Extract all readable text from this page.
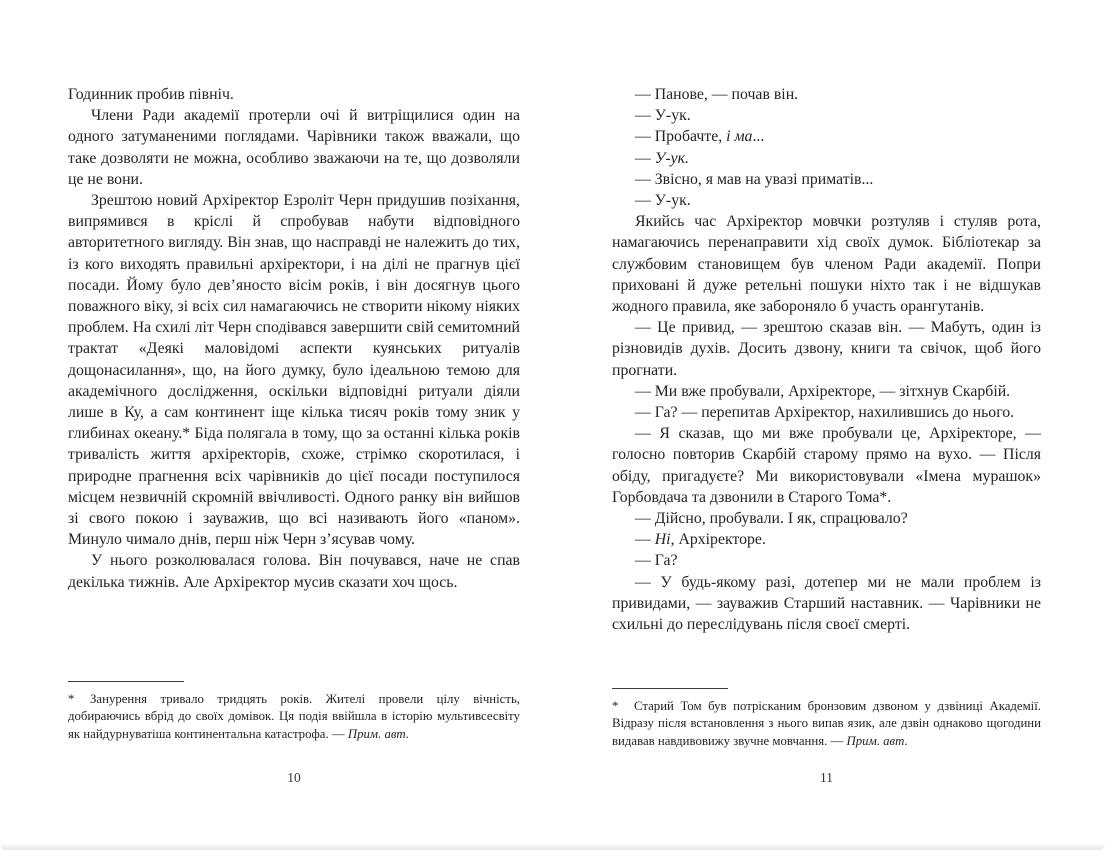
Годинник пробив північ.

Члени Ради академії протерли очі й витріщилися один на одного затуманеними поглядами. Чарівники також вважали, що таке дозволяти не можна, особливо зважаючи на те, що дозволяли це не вони.

Зрештою новий Архіректор Езроліт Черн придушив позіхання, випрямився в кріслі й спробував набути відповідного авторитетного вигляду. Він знав, що насправді не належить до тих, із кого виходять правильні архіректори, і на ділі не прагнув цієї посади. Йому було дев’яносто вісім років, і він досягнув цього поважного віку, зі всіх сил намагаючись не створити нікому ніяких проблем. На схилі літ Черн сподівався завершити свій семитомний трактат «Деякі маловідомі аспекти куянських ритуалів дощонасилання», що, на його думку, було ідеальною темою для академічного дослідження, оскільки відповідні ритуали діяли лише в Ку, а сам континент іще кілька тисяч років тому зник у глибинах океану.* Біда полягала в тому, що за останні кілька років тривалість життя архіректорів, схоже, стрімко скоротилася, і природне прагнення всіх чарівників до цієї посади поступилося місцем незвичній скромній ввічливості. Одного ранку він вийшов зі свого покою і зауважив, що всі називають його «паном». Минуло чимало днів, перш ніж Черн з’ясував чому.

У нього розколювалася голова. Він почувався, наче не спав декілька тижнів. Але Архіректор мусив сказати хоч щось.

— Панове, — почав він.

— У-ук.

— Пробачте, і ма...

— У-ук.

— Звісно, я мав на увазі приматів...

— У-ук.

Якийсь час Архіректор мовчки розтуляв і стуляв рота, намагаючись перенаправити хід своїх думок. Бібліотекар за службовим становищем був членом Ради академії. Попри приховані й дуже ретельні пошуки ніхто так і не відшукав жодного правила, яке забороняло б участь орангутанів.

— Це привид, — зрештою сказав він. — Мабуть, один із різновидів духів. Досить дзвону, книги та свічок, щоб його прогнати.

— Ми вже пробували, Архіректоре, — зітхнув Скарбій.

— Га? — перепитав Архіректор, нахилившись до нього.

— Я сказав, що ми вже пробували це, Архіректоре, — голосно повторив Скарбій старому прямо на вухо. — Після обіду, пригадуєте? Ми використовували «Імена мурашок» Горбовдача та дзвонили в Старого Тома*.

— Дійсно, пробували. І як, спрацювало?

— Ні, Архіректоре.

— Га?

— У будь-якому разі, дотепер ми не мали проблем із привидами, — зауважив Старший наставник. — Чарівники не схильні до переслідувань після своєї смерті.

* Занурення тривало тридцять років. Жителі провели цілу вічність, добираючись вбрід до своїх домівок. Ця подія ввійшла в історію мультивсесвіту як найдурнуватіша континентальна катастрофа. — Прим. авт.

* Старий Том був потрісканим бронзовим дзвоном у дзвіниці Академії. Відразу після встановлення з нього випав язик, але дзвін однаково щогодини видавав навдивовижу звучне мовчання. — Прим. авт.

10	11
